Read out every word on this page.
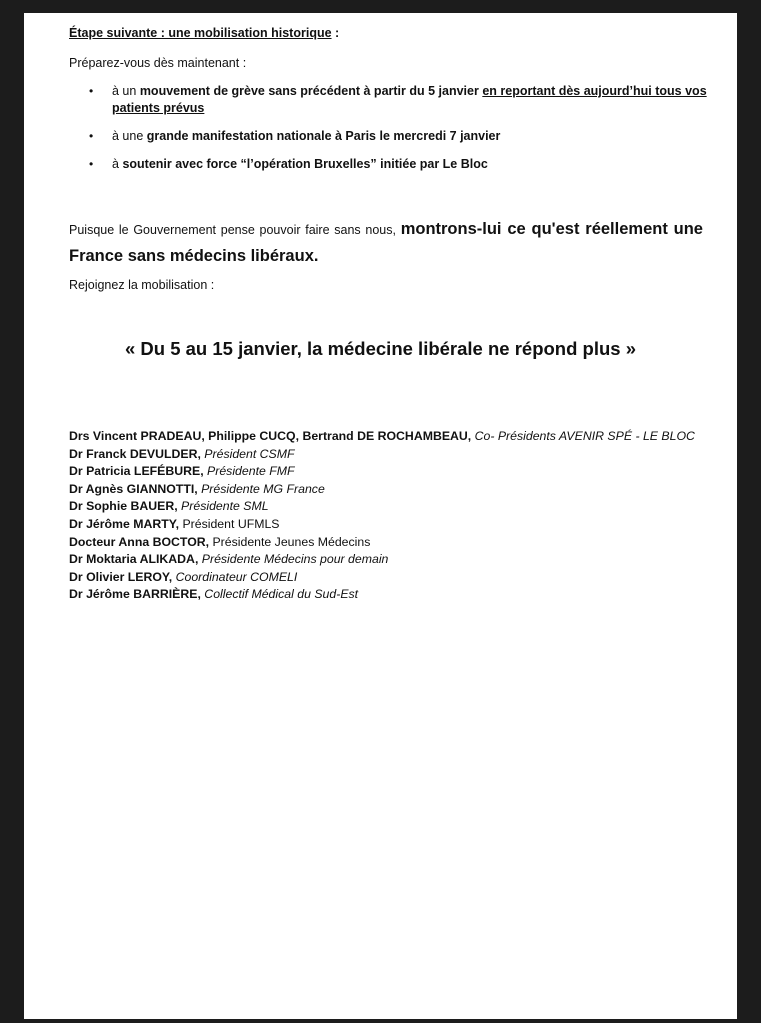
Étape suivante : une mobilisation historique :

Préparez-vous dès maintenant :

• à un mouvement de grève sans précédent à partir du 5 janvier en reportant dès aujourd’hui tous vos patients prévus
• à une grande manifestation nationale à Paris le mercredi 7 janvier
• à soutenir avec force “l’opération Bruxelles” initiée par Le Bloc

Puisque le Gouvernement pense pouvoir faire sans nous, montrons-lui ce qu'est réellement une France sans médecins libéraux.

Rejoignez la mobilisation :

« Du 5 au 15 janvier, la médecine libérale ne répond plus »

Drs Vincent PRADEAU, Philippe CUCQ, Bertrand DE ROCHAMBEAU, Co- Présidents AVENIR SPÉ - LE BLOC
Dr Franck DEVULDER, Président CSMF
Dr Patricia LEFÉBURE, Présidente FMF
Dr Agnès GIANNOTTI, Présidente MG France
Dr Sophie BAUER, Présidente SML
Dr Jérôme MARTY, Président UFMLS
Docteur Anna BOCTOR, Présidente Jeunes Médecins
Dr Moktaria ALIKADA, Présidente Médecins pour demain
Dr Olivier LEROY, Coordinateur COMELI
Dr Jérôme BARRIÈRE, Collectif Médical du Sud-Est
